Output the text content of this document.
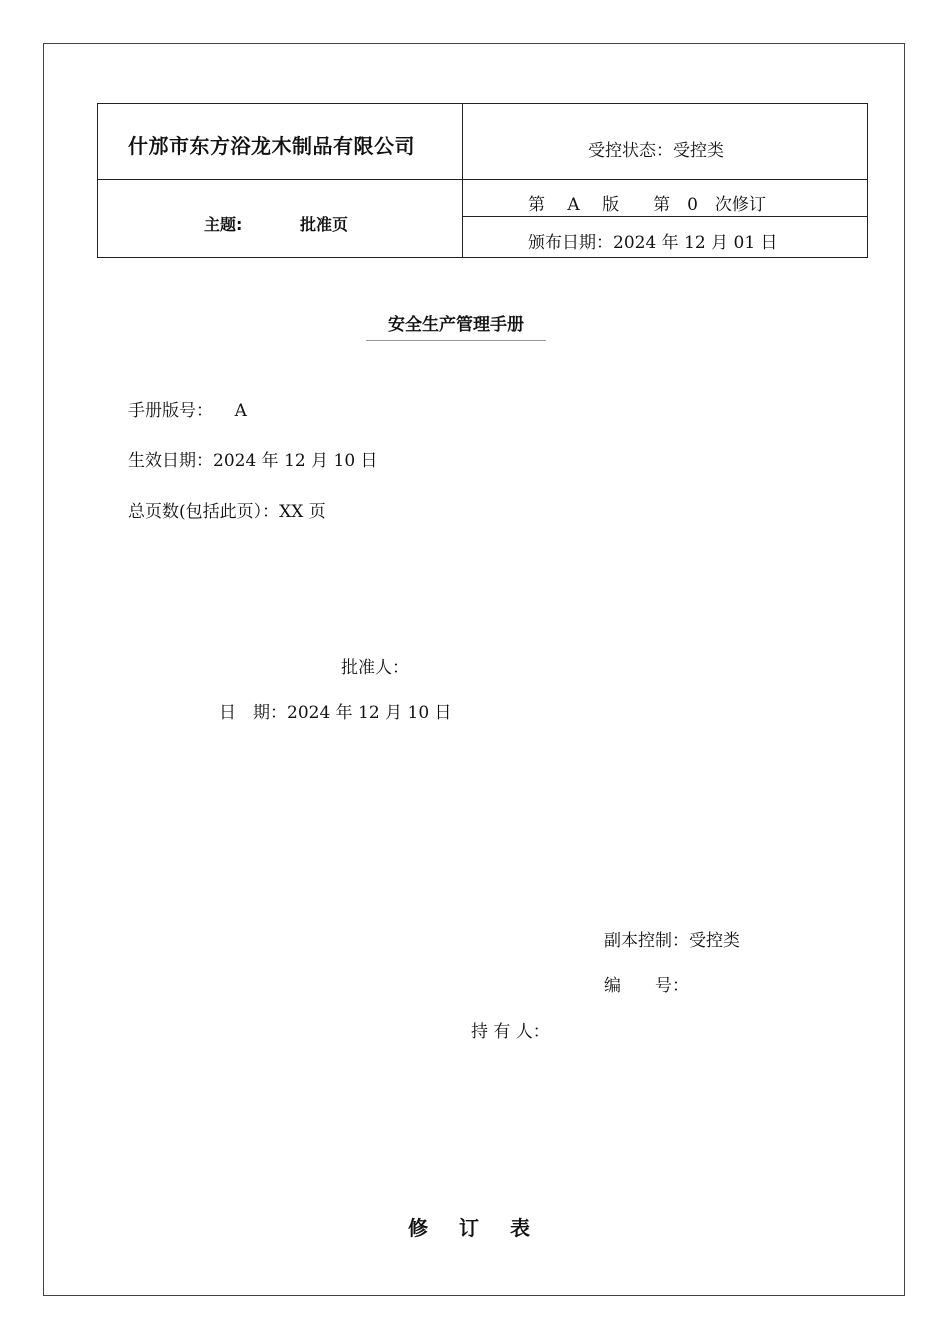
什邡市东方浴龙木制品有限公司	受控状态：受控类
主题:	批准页
第　 A　 版　　第　0　次修订
颁布日期：2024 年 12 月 01 日
安全生产管理手册
手册版号： A
生效日期：2024 年 12 月 10 日
总页数(包括此页）：XX 页
批准人：
日　期：2024 年 12 月 10 日
副本控制：受控类
编　　号：
持 有 人：
修 订 表
